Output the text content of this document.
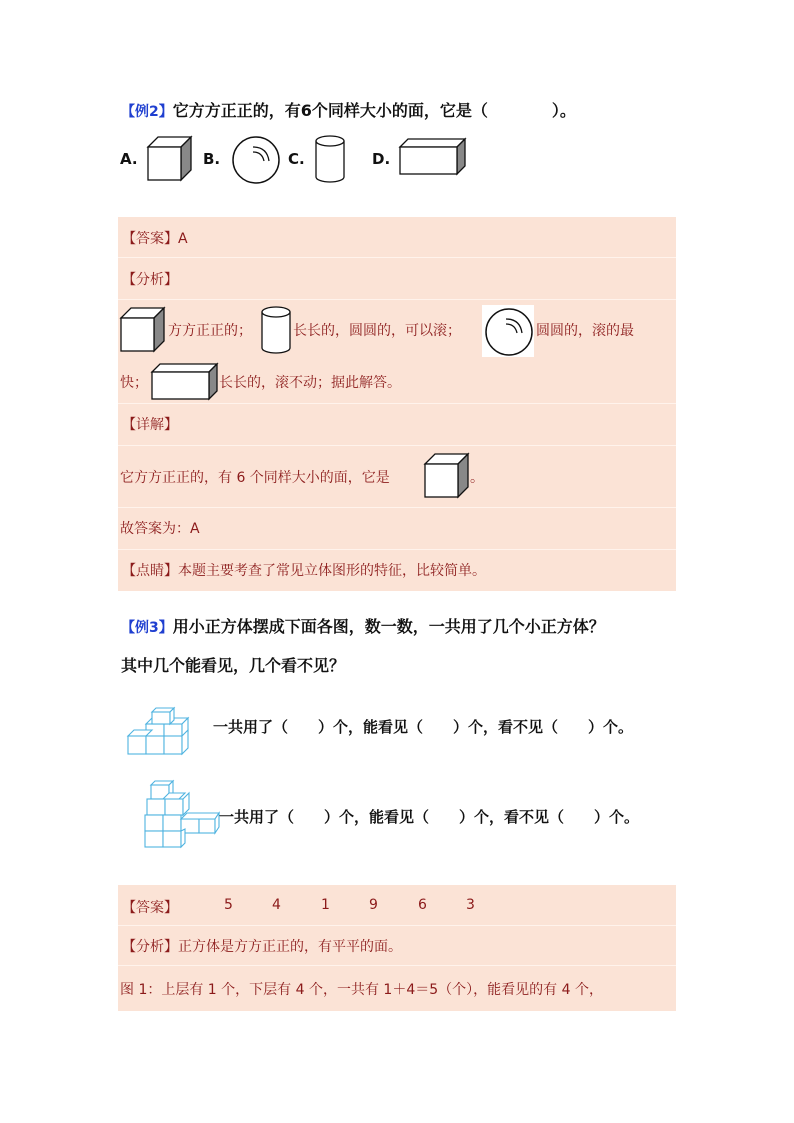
【例2】它方方正正的，有6个同样大小的面，它是（　　　　）。
A.	B.	C.	D.
【答案】A
【分析】
方方正正的；	长长的，圆圆的，可以滚；	圆圆的，滚的最
快；	长长的，滚不动；据此解答。
【详解】
它方方正正的，有 6 个同样大小的面，它是	。
故答案为：A
【点睛】本题主要考查了常见立体图形的特征，比较简单。
【例3】用小正方体摆成下面各图，数一数，一共用了几个小正方体？
其中几个能看见，几个看不见？
一共用了（　　）个，能看见（　　）个，看不见（　　）个。
一共用了（　　）个，能看见（　　）个，看不见（　　）个。
【答案】	5	4	1	9	6	3
【分析】正方体是方方正正的，有平平的面。
图 1：上层有 1 个，下层有 4 个，一共有 1＋4＝5（个），能看见的有 4 个，
